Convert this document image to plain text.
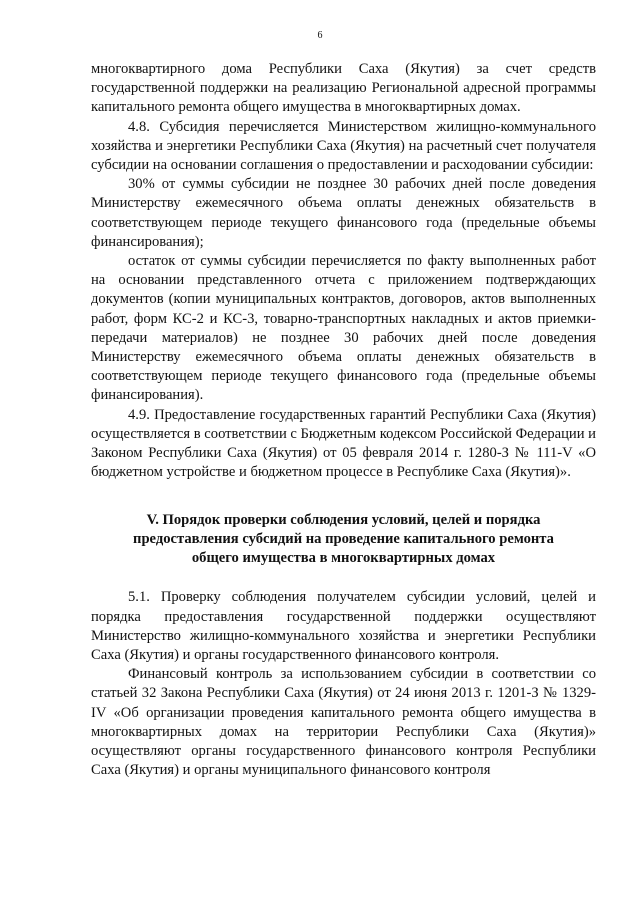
6

многоквартирного дома Республики Саха (Якутия) за счет средств государственной поддержки на реализацию Региональной адресной программы капитального ремонта общего имущества в многоквартирных домах.

4.8. Субсидия перечисляется Министерством жилищно-коммунального хозяйства и энергетики Республики Саха (Якутия) на расчетный счет получателя субсидии на основании соглашения о предоставлении и расходовании субсидии:

30% от суммы субсидии не позднее 30 рабочих дней после доведения Министерству ежемесячного объема оплаты денежных обязательств в соответствующем периоде текущего финансового года (предельные объемы финансирования);

остаток от суммы субсидии перечисляется по факту выполненных работ на основании представленного отчета с приложением подтверждающих документов (копии муниципальных контрактов, договоров, актов выполненных работ, форм КС-2 и КС-3, товарно-транспортных накладных и актов приемки-передачи материалов) не позднее 30 рабочих дней после доведения Министерству ежемесячного объема оплаты денежных обязательств в соответствующем периоде текущего финансового года (предельные объемы финансирования).

4.9. Предоставление государственных гарантий Республики Саха (Якутия) осуществляется в соответствии с Бюджетным кодексом Российской Федерации и Законом Республики Саха (Якутия) от 05 февраля 2014 г. 1280-З № 111-V «О бюджетном устройстве и бюджетном процессе в Республике Саха (Якутия)».

V. Порядок проверки соблюдения условий, целей и порядка
предоставления субсидий на проведение капитального ремонта
общего имущества в многоквартирных домах

5.1. Проверку соблюдения получателем субсидии условий, целей и порядка предоставления государственной поддержки осуществляют Министерство жилищно-коммунального хозяйства и энергетики Республики Саха (Якутия) и органы государственного финансового контроля.

Финансовый контроль за использованием субсидии в соответствии со статьей 32 Закона Республики Саха (Якутия) от 24 июня 2013 г. 1201-З № 1329-IV «Об организации проведения капитального ремонта общего имущества в многоквартирных домах на территории Республики Саха (Якутия)» осуществляют органы государственного финансового контроля Республики Саха (Якутия) и органы муниципального финансового контроля
